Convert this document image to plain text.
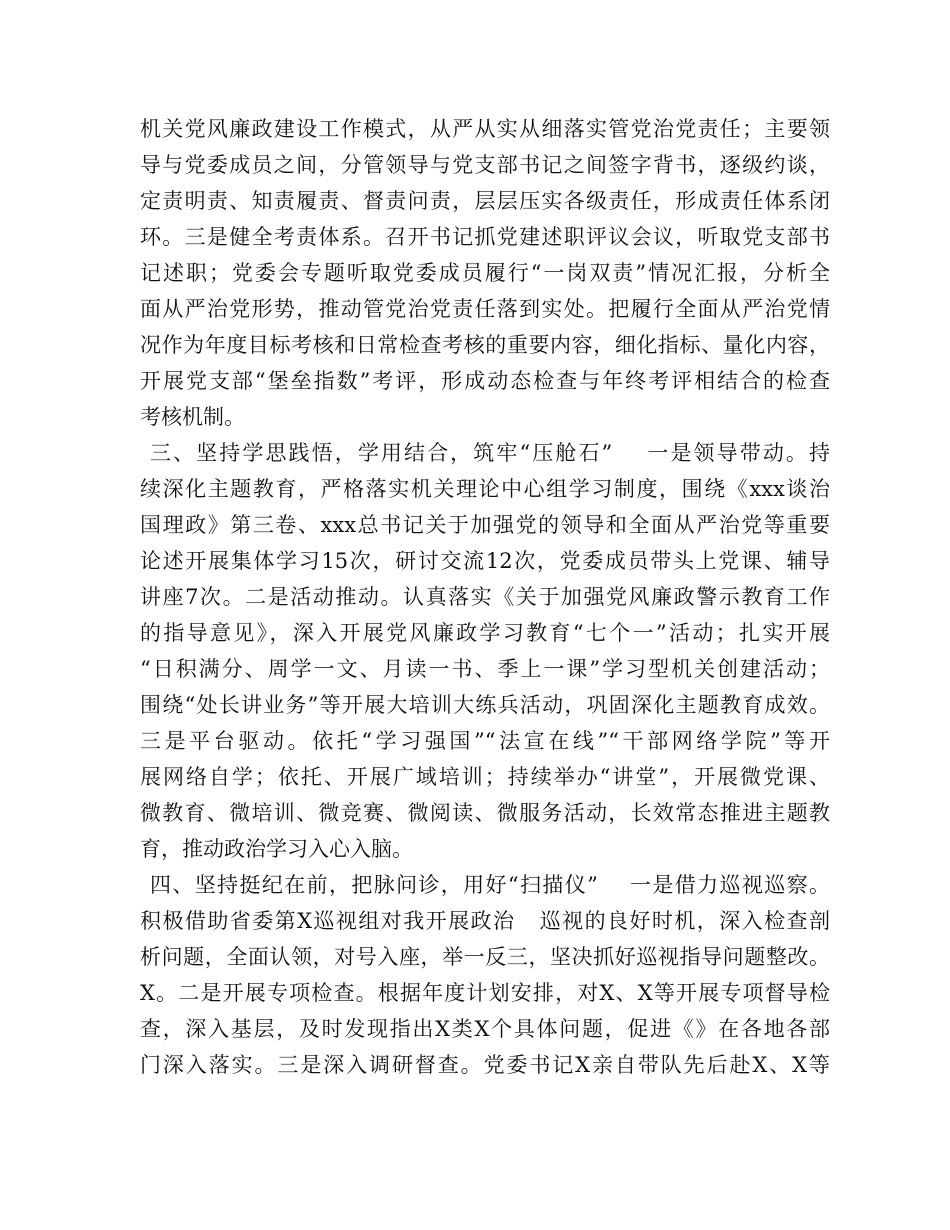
机关党风廉政建设工作模式，从严从实从细落实管党治党责任；主要领
导与党委成员之间，分管领导与党支部书记之间签字背书，逐级约谈，
定责明责、知责履责、督责问责，层层压实各级责任，形成责任体系闭
环。三是健全考责体系。召开书记抓党建述职评议会议，听取党支部书
记述职；党委会专题听取党委成员履行“一岗双责”情况汇报，分析全
面从严治党形势，推动管党治党责任落到实处。把履行全面从严治党情
况作为年度目标考核和日常检查考核的重要内容，细化指标、量化内容，
开展党支部“堡垒指数”考评，形成动态检查与年终考评相结合的检查
考核机制。
三、坚持学思践悟，学用结合，筑牢“压舱石”    一是领导带动。持
续深化主题教育，严格落实机关理论中心组学习制度，围绕《xxx谈治
国理政》第三卷、xxx总书记关于加强党的领导和全面从严治党等重要
论述开展集体学习15次，研讨交流12次，党委成员带头上党课、辅导
讲座7次。二是活动推动。认真落实《关于加强党风廉政警示教育工作
的指导意见》，深入开展党风廉政学习教育“七个一”活动；扎实开展
“日积满分、周学一文、月读一书、季上一课”学习型机关创建活动；
围绕“处长讲业务”等开展大培训大练兵活动，巩固深化主题教育成效。
三是平台驱动。依托“学习强国”“法宣在线”“干部网络学院”等开
展网络自学；依托、开展广域培训；持续举办“讲堂”，开展微党课、
微教育、微培训、微竞赛、微阅读、微服务活动，长效常态推进主题教
育，推动政治学习入心入脑。
四、坚持挺纪在前，把脉问诊，用好“扫描仪”    一是借力巡视巡察。
积极借助省委第X巡视组对我开展政治   巡视的良好时机，深入检查剖
析问题，全面认领，对号入座，举一反三，坚决抓好巡视指导问题整改。
X。二是开展专项检查。根据年度计划安排，对X、X等开展专项督导检
查，深入基层，及时发现指出X类X个具体问题，促进《》在各地各部
门深入落实。三是深入调研督查。党委书记X亲自带队先后赴X、X等
